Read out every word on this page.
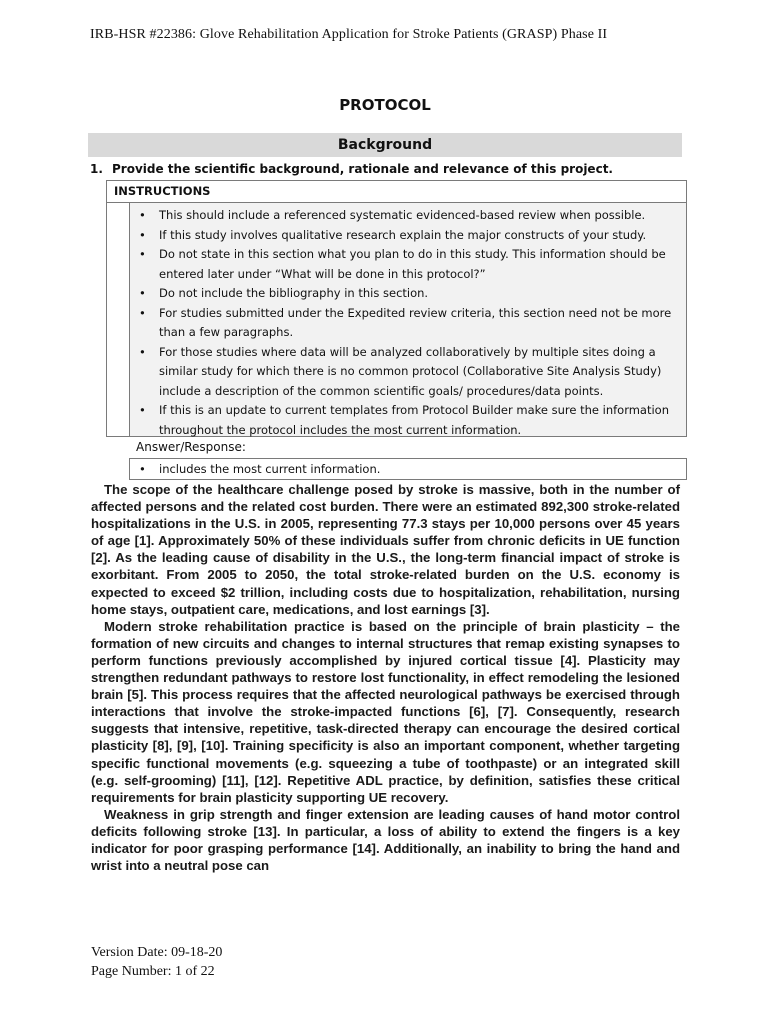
IRB-HSR #22386: Glove Rehabilitation Application for Stroke Patients (GRASP) Phase II
PROTOCOL
Background
1. Provide the scientific background, rationale and relevance of this project.
INSTRUCTIONS
• This should include a referenced systematic evidenced-based review when possible.
• If this study involves qualitative research explain the major constructs of your study.
• Do not state in this section what you plan to do in this study. This information should be entered later under “What will be done in this protocol?”
• Do not include the bibliography in this section.
• For studies submitted under the Expedited review criteria, this section need not be more than a few paragraphs.
• For those studies where data will be analyzed collaboratively by multiple sites doing a similar study for which there is no common protocol (Collaborative Site Analysis Study) include a description of the common scientific goals/ procedures/data points.
• If this is an update to current templates from Protocol Builder make sure the information throughout the protocol includes the most current information.
Answer/Response:
• includes the most current information.

The scope of the healthcare challenge posed by stroke is massive, both in the number of affected persons and the related cost burden. There were an estimated 892,300 stroke-related hospitalizations in the U.S. in 2005, representing 77.3 stays per 10,000 persons over 45 years of age [1]. Approximately 50% of these individuals suffer from chronic deficits in UE function [2]. As the leading cause of disability in the U.S., the long-term financial impact of stroke is exorbitant. From 2005 to 2050, the total stroke-related burden on the U.S. economy is expected to exceed $2 trillion, including costs due to hospitalization, rehabilitation, nursing home stays, outpatient care, medications, and lost earnings [3].

Modern stroke rehabilitation practice is based on the principle of brain plasticity – the formation of new circuits and changes to internal structures that remap existing synapses to perform functions previously accomplished by injured cortical tissue [4]. Plasticity may strengthen redundant pathways to restore lost functionality, in effect remodeling the lesioned brain [5]. This process requires that the affected neurological pathways be exercised through interactions that involve the stroke-impacted functions [6], [7]. Consequently, research suggests that intensive, repetitive, task-directed therapy can encourage the desired cortical plasticity [8], [9], [10]. Training specificity is also an important component, whether targeting specific functional movements (e.g. squeezing a tube of toothpaste) or an integrated skill (e.g. self-grooming) [11], [12]. Repetitive ADL practice, by definition, satisfies these critical requirements for brain plasticity supporting UE recovery.

Weakness in grip strength and finger extension are leading causes of hand motor control deficits following stroke [13]. In particular, a loss of ability to extend the fingers is a key indicator for poor grasping performance [14]. Additionally, an inability to bring the hand and wrist into a neutral pose can

Version Date: 09-18-20
Page Number: 1 of 22
